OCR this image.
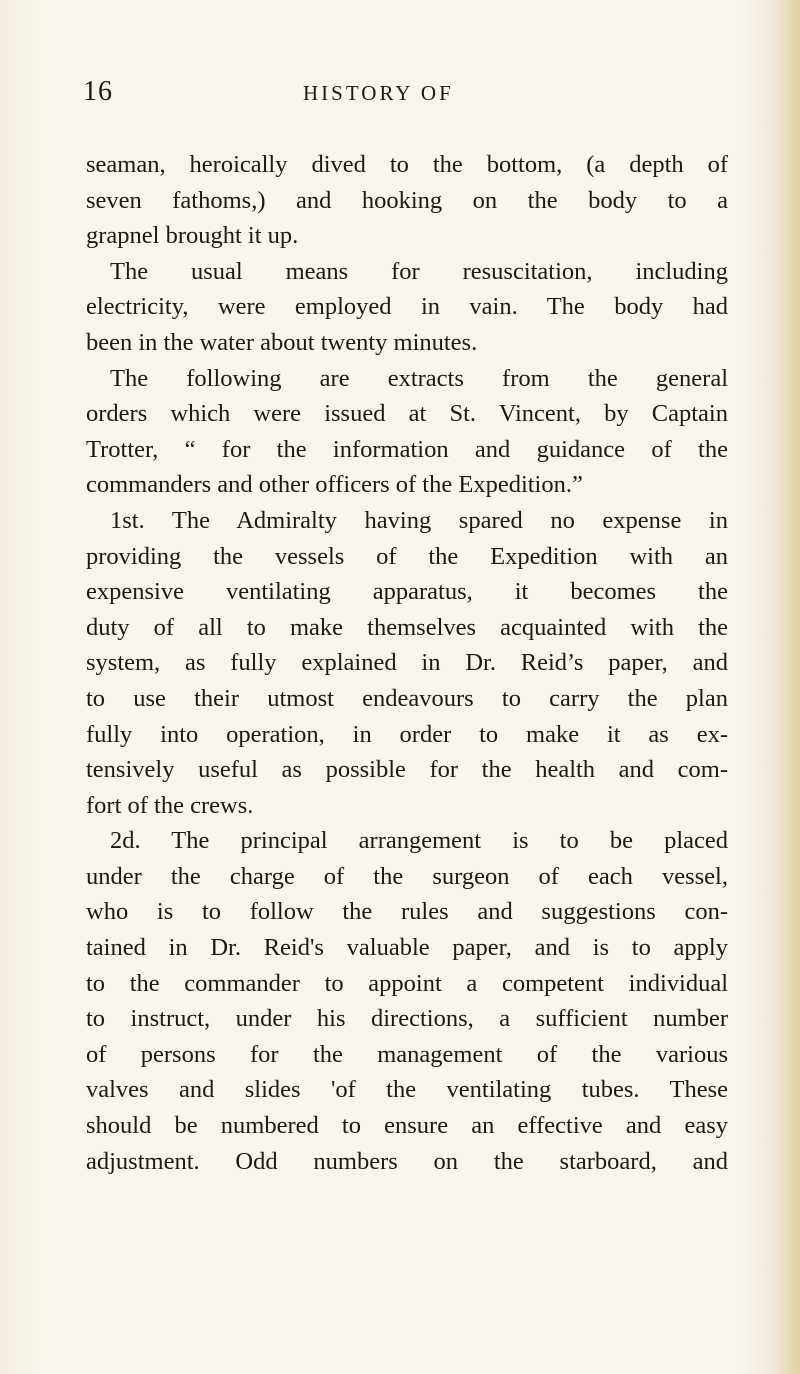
16	HISTORY OF
seaman, heroically dived to the bottom, (a depth of
seven fathoms,) and hooking on the body to a
grapnel brought it up.
The usual means for resuscitation, including
electricity, were employed in vain. The body had
been in the water about twenty minutes.
The following are extracts from the general
orders which were issued at St. Vincent, by Captain
Trotter, “ for the information and guidance of the
commanders and other officers of the Expedition.”
1st. The Admiralty having spared no expense in
providing the vessels of the Expedition with an
expensive ventilating apparatus, it becomes the
duty of all to make themselves acquainted with the
system, as fully explained in Dr. Reid’s paper, and
to use their utmost endeavours to carry the plan
fully into operation, in order to make it as ex-
tensively useful as possible for the health and com-
fort of the crews.
2d. The principal arrangement is to be placed
under the charge of the surgeon of each vessel,
who is to follow the rules and suggestions con-
tained in Dr. Reid's valuable paper, and is to apply
to the commander to appoint a competent individual
to instruct, under his directions, a sufficient number
of persons for the management of the various
valves and slides 'of the ventilating tubes. These
should be numbered to ensure an effective and easy
adjustment. Odd numbers on the starboard, and
